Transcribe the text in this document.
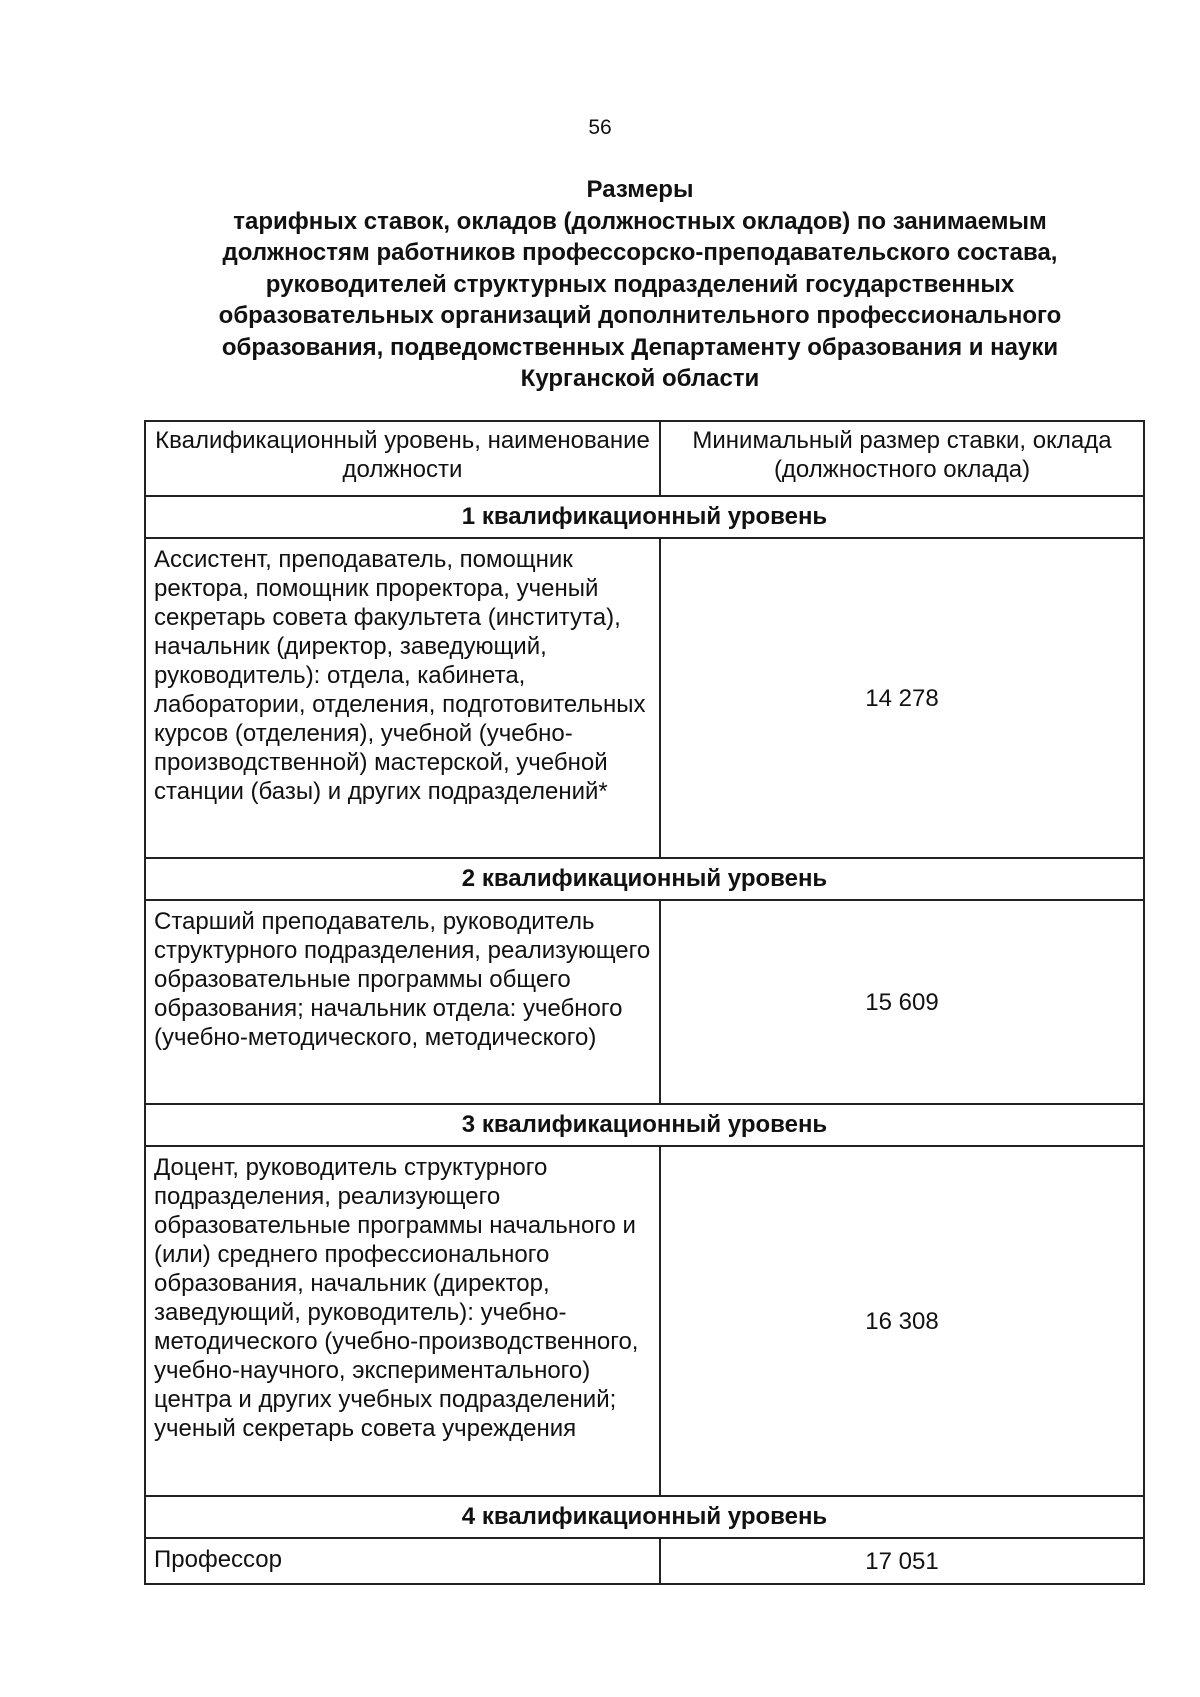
56
Размеры
тарифных ставок, окладов (должностных окладов) по занимаемым
должностям работников профессорско-преподавательского состава,
руководителей структурных подразделений государственных
образовательных организаций дополнительного профессионального
образования, подведомственных Департаменту образования и науки
Курганской области
Квалификационный уровень, наименование должности	Минимальный размер ставки, оклада (должностного оклада)
1 квалификационный уровень	
Ассистент, преподаватель, помощник ректора, помощник проректора, ученый секретарь совета факультета (института), начальник (директор, заведующий, руководитель): отдела, кабинета, лаборатории, отделения, подготовительных курсов (отделения), учебной (учебно-производственной) мастерской, учебной станции (базы) и других подразделений*	14 278
2 квалификационный уровень	
Старший преподаватель, руководитель структурного подразделения, реализующего образовательные программы общего образования; начальник отдела: учебного (учебно-методического, методического)	15 609
3 квалификационный уровень	
Доцент, руководитель структурного подразделения, реализующего образовательные программы начального и (или) среднего профессионального образования, начальник (директор, заведующий, руководитель): учебно-методического (учебно-производственного, учебно-научного, экспериментального) центра и других учебных подразделений; ученый секретарь совета учреждения	16 308
4 квалификационный уровень	
Профессор	17 051
